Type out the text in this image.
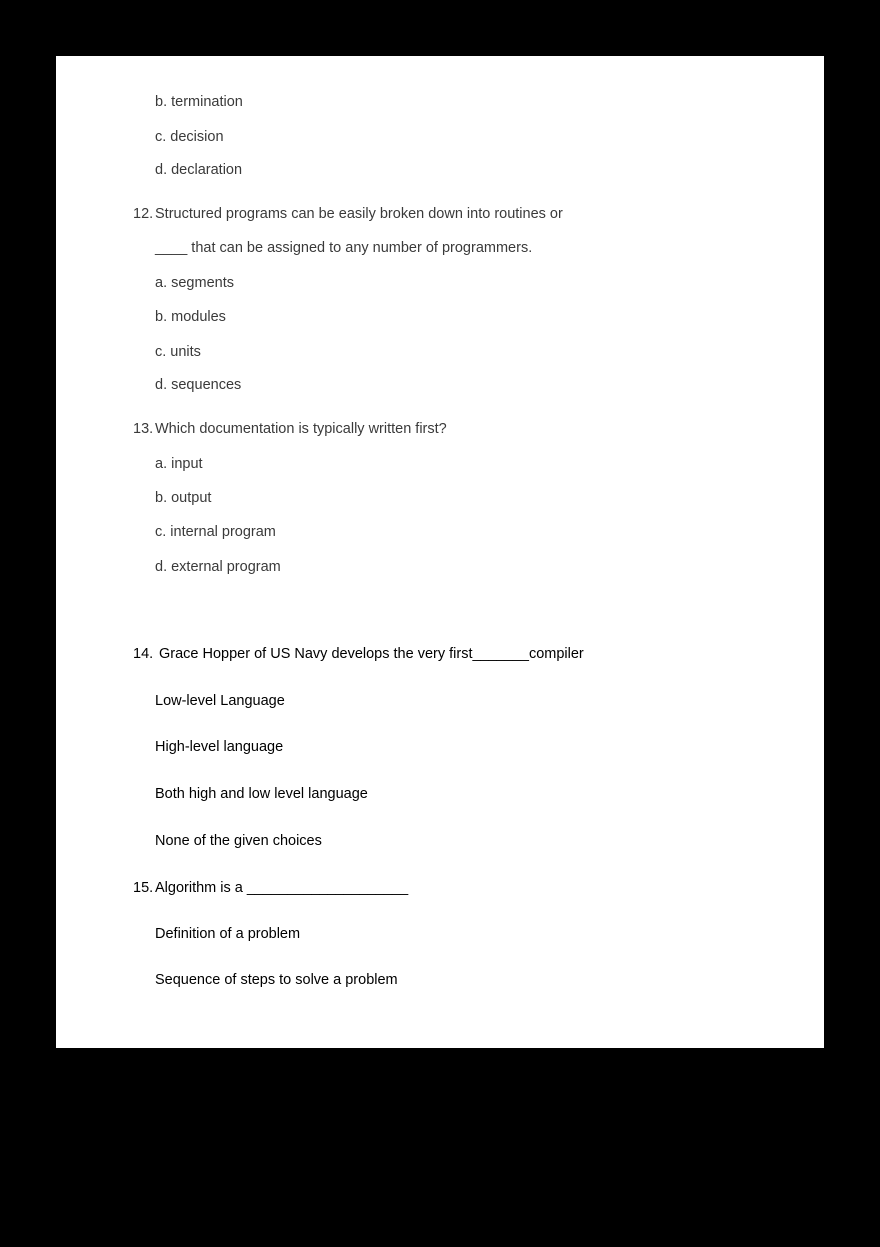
b. termination
c. decision
d. declaration
12. Structured programs can be easily broken down into routines or
____ that can be assigned to any number of programmers.
a. segments
b. modules
c. units
d. sequences
13. Which documentation is typically written first?
a. input
b. output
c. internal program
d. external program
14. Grace Hopper of US Navy develops the very first_______compiler
Low-level Language
High-level language
Both high and low level language
None of the given choices
15. Algorithm is a ____________________
Definition of a problem
Sequence of steps to solve a problem
